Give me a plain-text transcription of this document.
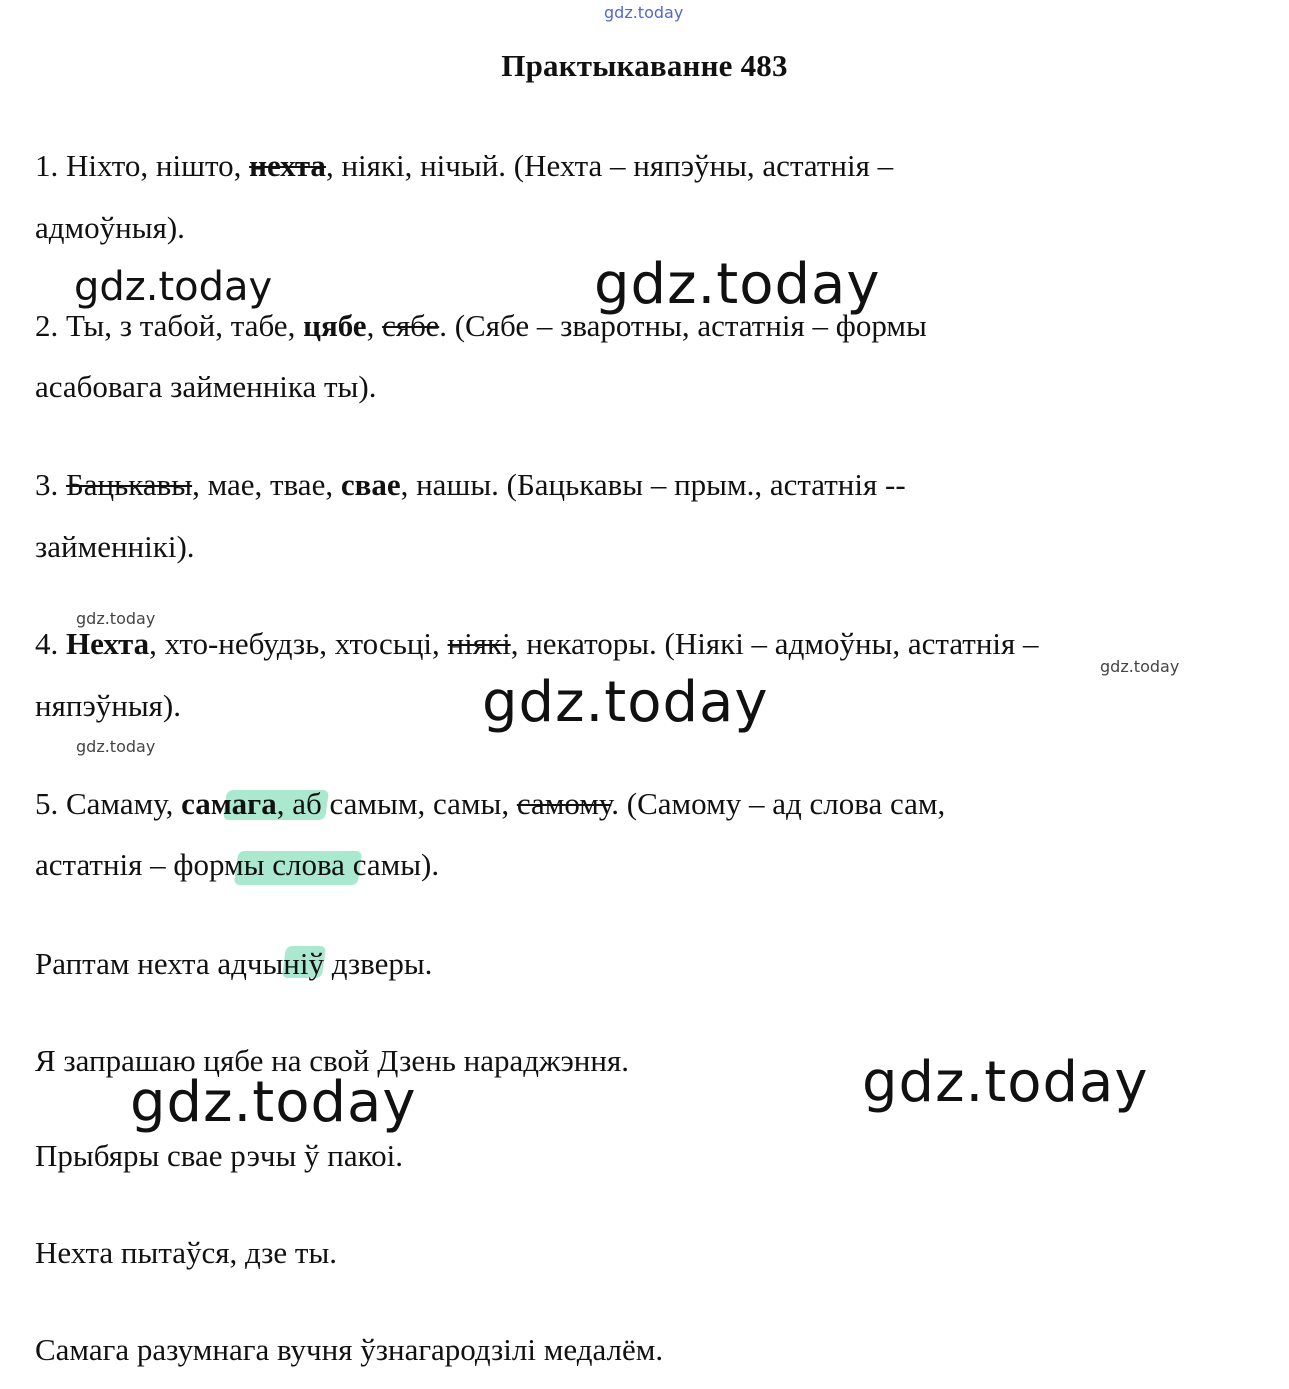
gdz.today
Практыкаванне 483
1. Ніхто, нішто, нехта, ніякі, нічый. (Нехта – няпэўны, астатнія –
адмоўныя).
2. Ты, з табой, табе, цябе, сябе. (Сябе – зваротны, астатнія – формы
асабовага займенніка ты).
3. Бацькавы, мае, твае, свае, нашы. (Бацькавы – прым., астатнія --
займеннікі).
4. Нехта, хто-небудзь, хтосьці, ніякі, некаторы. (Ніякі – адмоўны, астатнія –
няпэўныя).
5. Самаму, самага, аб самым, самы, самому. (Самому – ад слова сам,
астатнія – формы слова самы).
Раптам нехта адчыніў дзверы.
Я запрашаю цябе на свой Дзень нараджэння.
Прыбяры свае рэчы ў пакоі.
Нехта пытаўся, дзе ты.
Самага разумнага вучня ўзнагародзілі медалём.
gdz.today	gdz.today
gdz.today
gdz.today
gdz.today
gdz.today
gdz.today
gdz.today
